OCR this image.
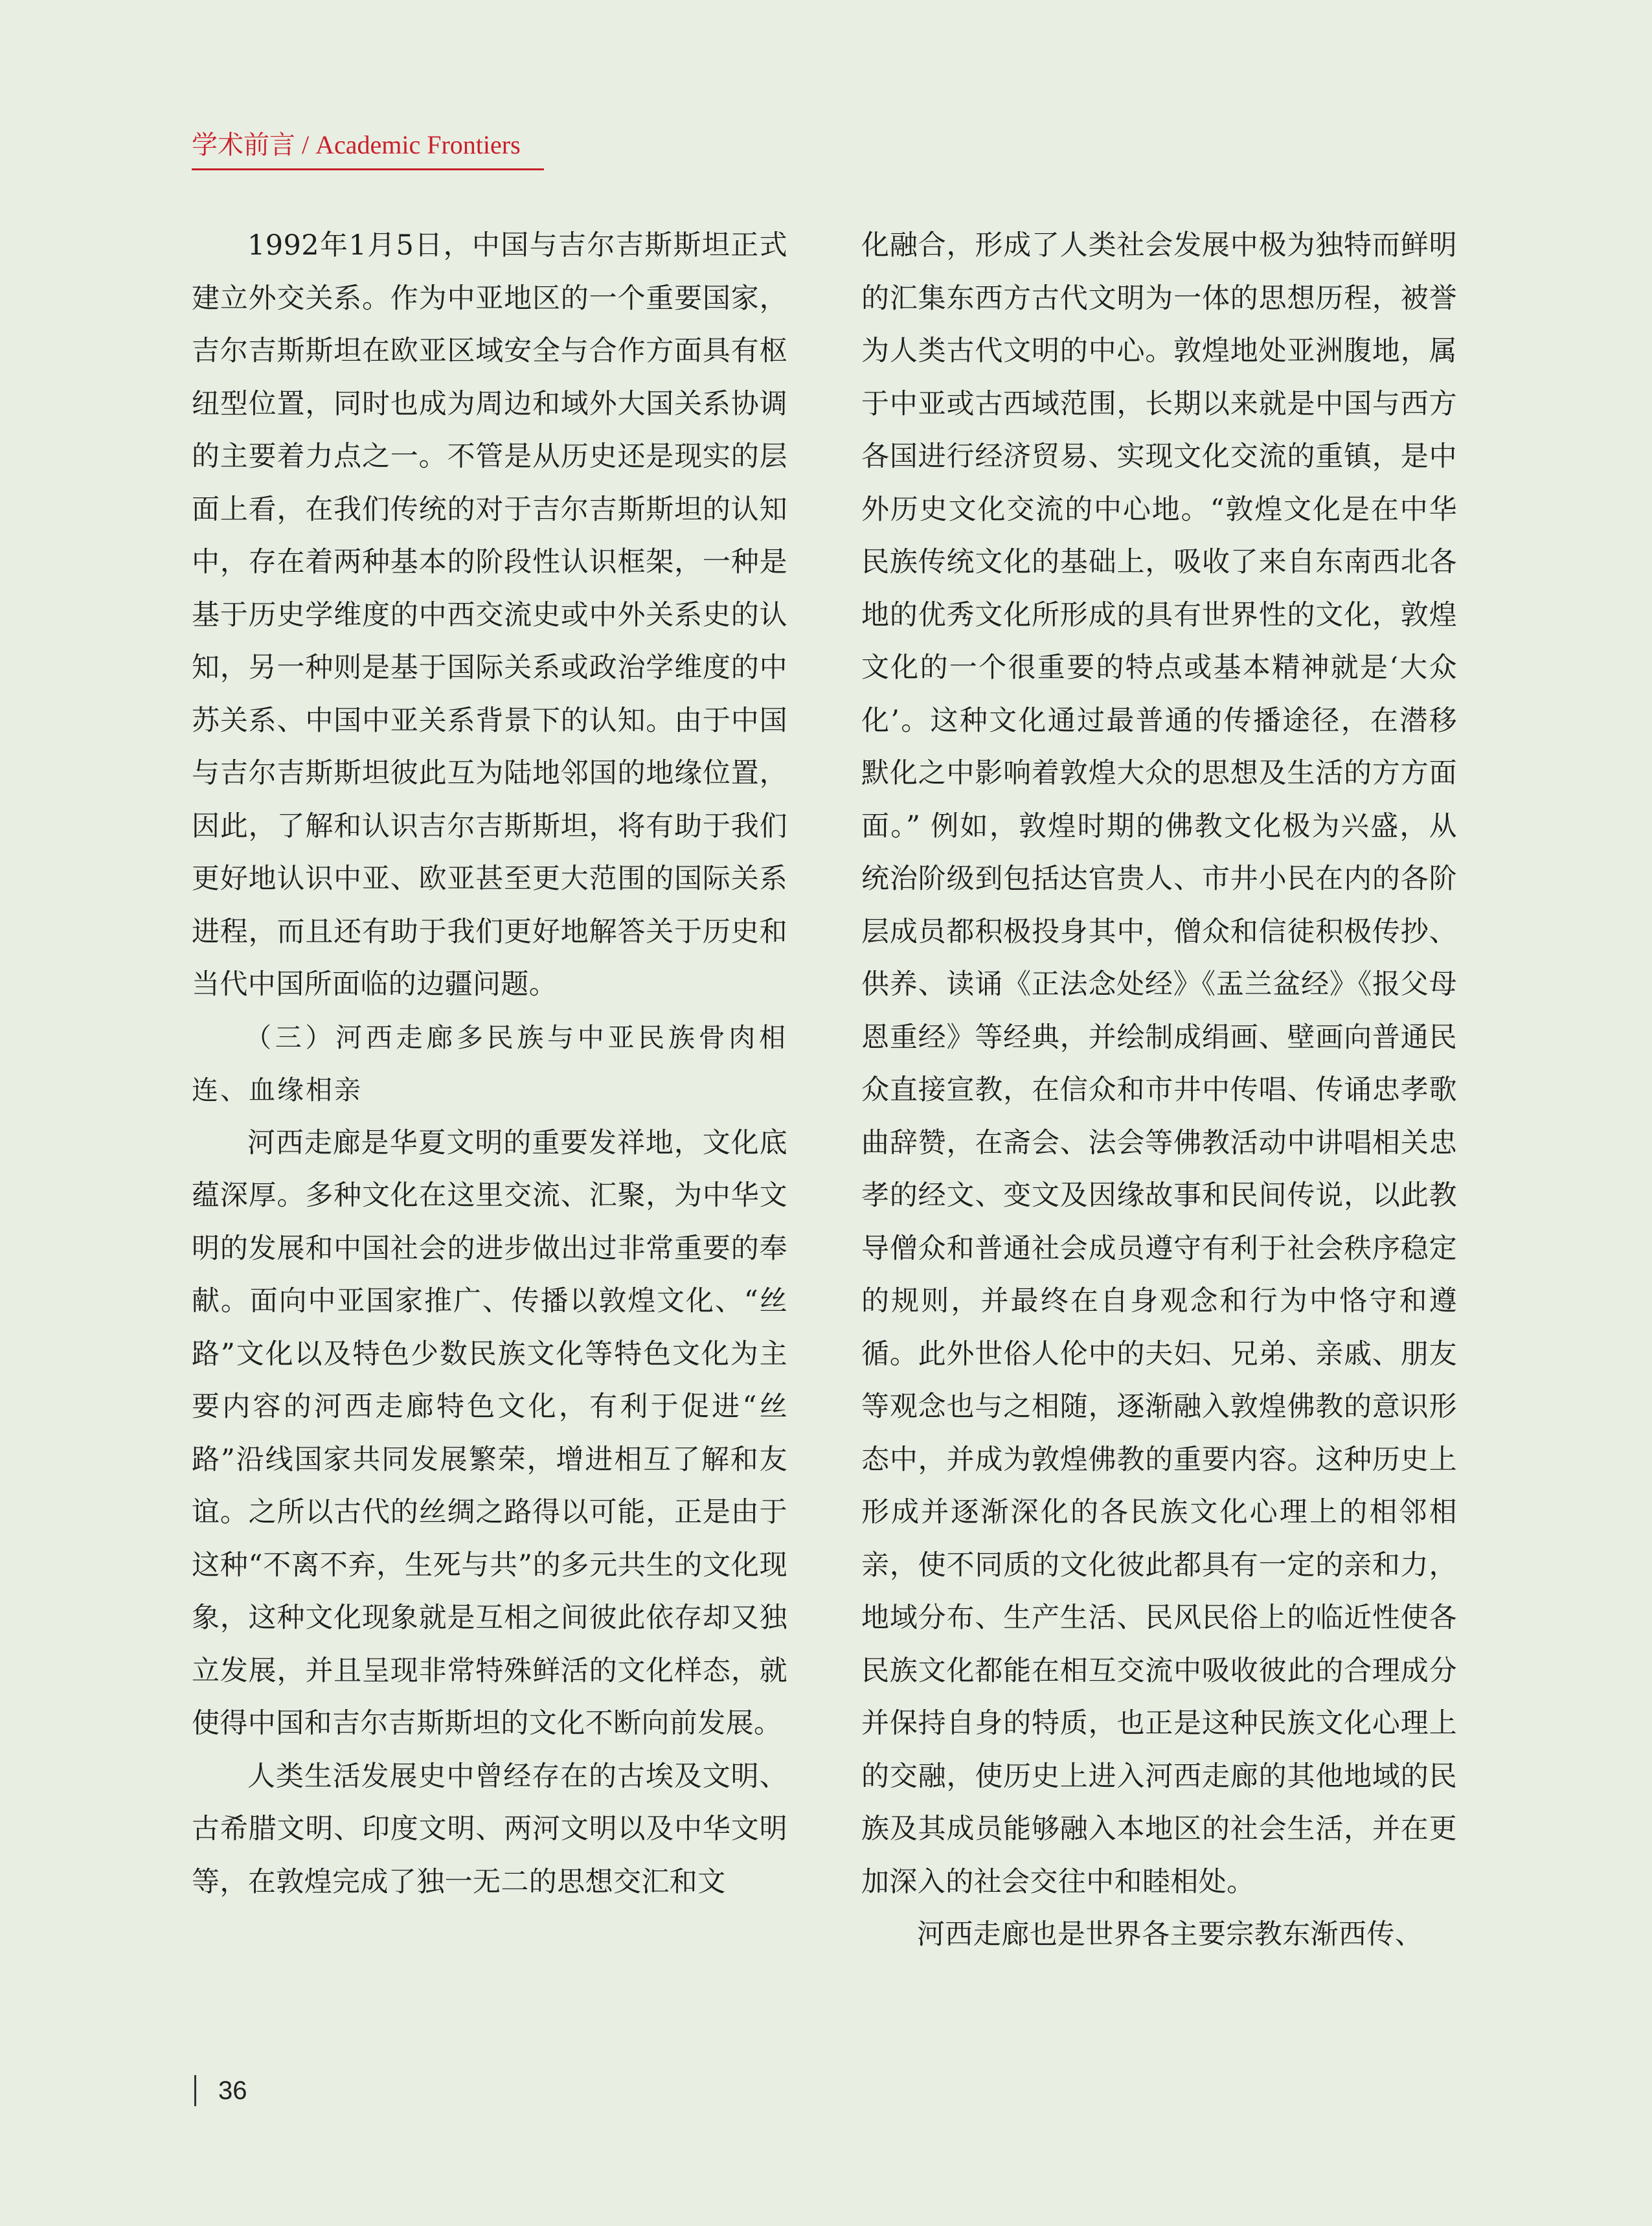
学术前言 / Academic Frontiers

1992年1月5日，中国与吉尔吉斯斯坦正式建立外交关系。作为中亚地区的一个重要国家，吉尔吉斯斯坦在欧亚区域安全与合作方面具有枢纽型位置，同时也成为周边和域外大国关系协调的主要着力点之一。不管是从历史还是现实的层面上看，在我们传统的对于吉尔吉斯斯坦的认知中，存在着两种基本的阶段性认识框架，一种是基于历史学维度的中西交流史或中外关系史的认知，另一种则是基于国际关系或政治学维度的中苏关系、中国中亚关系背景下的认知。由于中国与吉尔吉斯斯坦彼此互为陆地邻国的地缘位置，因此，了解和认识吉尔吉斯斯坦，将有助于我们更好地认识中亚、欧亚甚至更大范围的国际关系进程，而且还有助于我们更好地解答关于历史和当代中国所面临的边疆问题。

（三）河西走廊多民族与中亚民族骨肉相连、血缘相亲

河西走廊是华夏文明的重要发祥地，文化底蕴深厚。多种文化在这里交流、汇聚，为中华文明的发展和中国社会的进步做出过非常重要的奉献。面向中亚国家推广、传播以敦煌文化、“丝路”文化以及特色少数民族文化等特色文化为主要内容的河西走廊特色文化，有利于促进“丝路”沿线国家共同发展繁荣，增进相互了解和友谊。之所以古代的丝绸之路得以可能，正是由于这种“不离不弃，生死与共”的多元共生的文化现象，这种文化现象就是互相之间彼此依存却又独立发展，并且呈现非常特殊鲜活的文化样态，就使得中国和吉尔吉斯斯坦的文化不断向前发展。

人类生活发展史中曾经存在的古埃及文明、古希腊文明、印度文明、两河文明以及中华文明等，在敦煌完成了独一无二的思想交汇和文

化融合，形成了人类社会发展中极为独特而鲜明的汇集东西方古代文明为一体的思想历程，被誉为人类古代文明的中心。敦煌地处亚洲腹地，属于中亚或古西域范围，长期以来就是中国与西方各国进行经济贸易、实现文化交流的重镇，是中外历史文化交流的中心地。“敦煌文化是在中华民族传统文化的基础上，吸收了来自东南西北各地的优秀文化所形成的具有世界性的文化，敦煌文化的一个很重要的特点或基本精神就是‘大众化’。这种文化通过最普通的传播途径，在潜移默化之中影响着敦煌大众的思想及生活的方方面面。” 例如，敦煌时期的佛教文化极为兴盛，从统治阶级到包括达官贵人、市井小民在内的各阶层成员都积极投身其中，僧众和信徒积极传抄、供养、读诵《正法念处经》《盂兰盆经》《报父母恩重经》等经典，并绘制成绢画、壁画向普通民众直接宣教，在信众和市井中传唱、传诵忠孝歌曲辞赞，在斋会、法会等佛教活动中讲唱相关忠孝的经文、变文及因缘故事和民间传说，以此教导僧众和普通社会成员遵守有利于社会秩序稳定的规则，并最终在自身观念和行为中恪守和遵循。此外世俗人伦中的夫妇、兄弟、亲戚、朋友等观念也与之相随，逐渐融入敦煌佛教的意识形态中，并成为敦煌佛教的重要内容。这种历史上形成并逐渐深化的各民族文化心理上的相邻相亲，使不同质的文化彼此都具有一定的亲和力，地域分布、生产生活、民风民俗上的临近性使各民族文化都能在相互交流中吸收彼此的合理成分并保持自身的特质，也正是这种民族文化心理上的交融，使历史上进入河西走廊的其他地域的民族及其成员能够融入本地区的社会生活，并在更加深入的社会交往中和睦相处。

河西走廊也是世界各主要宗教东渐西传、

36
